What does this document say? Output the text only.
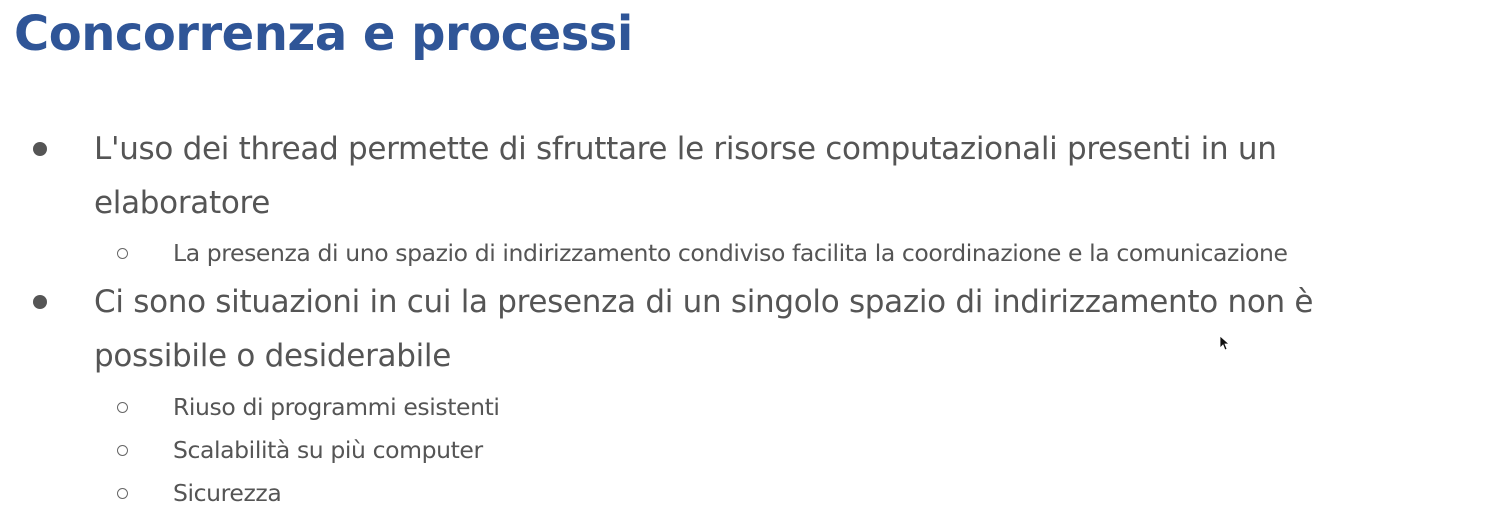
Concorrenza e processi

L'uso dei thread permette di sfruttare le risorse computazionali presenti in un elaboratore

La presenza di uno spazio di indirizzamento condiviso facilita la coordinazione e la comunicazione

Ci sono situazioni in cui la presenza di un singolo spazio di indirizzamento non è possibile o desiderabile

Riuso di programmi esistenti

Scalabilità su più computer

Sicurezza
